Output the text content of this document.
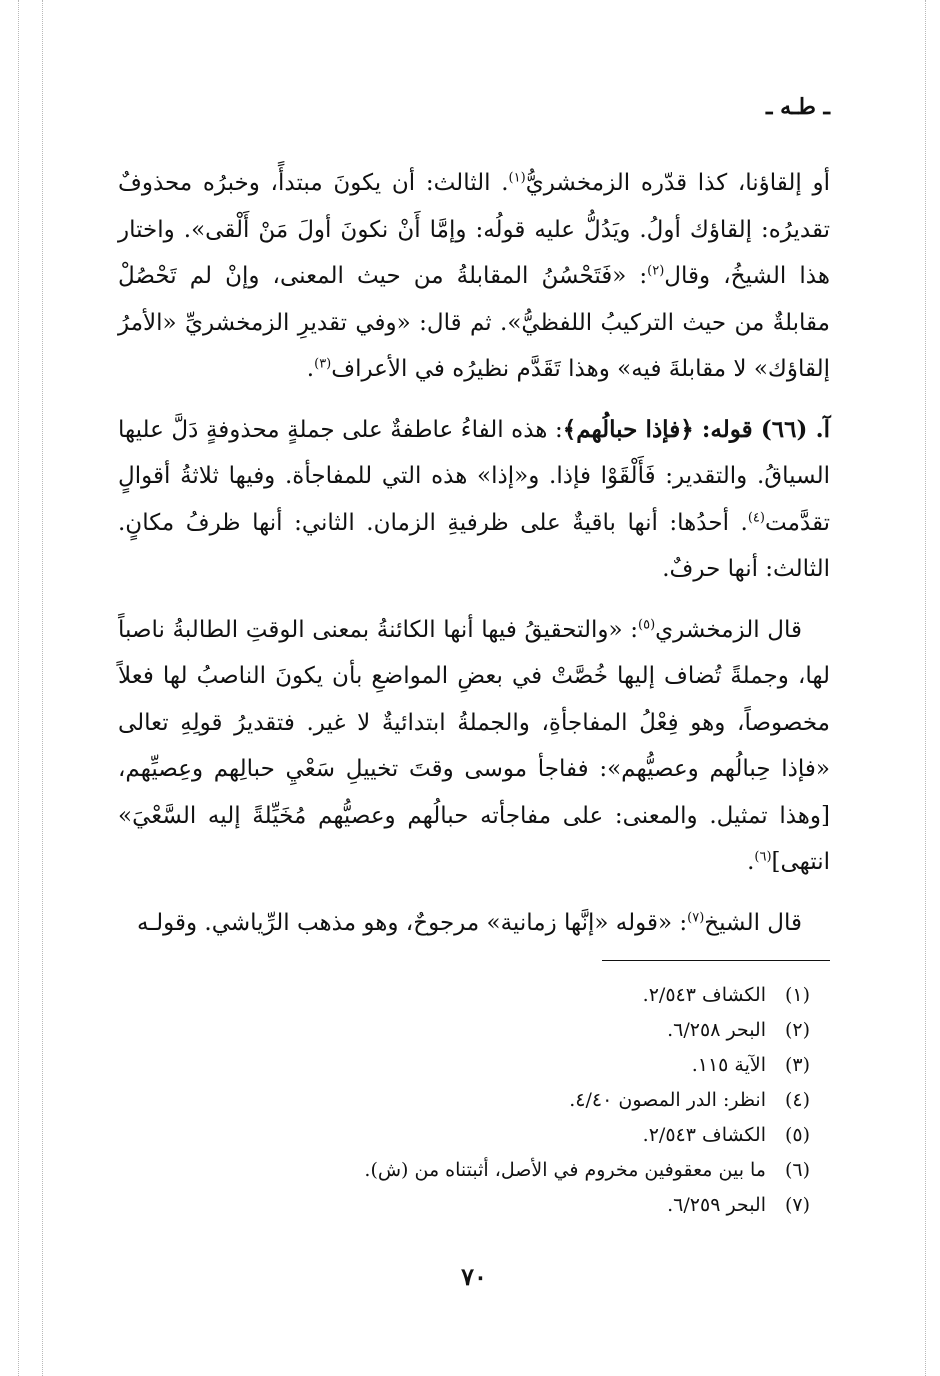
ـ طـه ـ

أو إلقاؤنا، كذا قدّره الزمخشريُّ$^{(١)}$. الثالث: أن يكونَ مبتدأً، وخبرُه محذوفٌ تقديرُه: إلقاؤك أولُ. ويَدُلُّ عليه قولُه: وإمَّا أَنْ نكونَ أولَ مَنْ أَلْقى». واختار هذا الشيخُ، وقال$^{(٢)}$: «فَتَحْسُنُ المقابلةُ من حيث المعنى، وإنْ لم تَحْصُلْ مقابلةٌ من حيث التركيبُ اللفظيُّ». ثم قال: «وفي تقديرِ الزمخشريِّ «الأمرُ إلقاؤك» لا مقابلةَ فيه» وهذا تَقَدَّم نظيرُه في الأعراف$^{(٣)}$.

آ. (٦٦) قوله: ﴿فإذا حبالُهم﴾: هذه الفاءُ عاطفةٌ على جملةٍ محذوفةٍ دَلَّ عليها السياقُ. والتقدير: فَأَلْقَوْا فإذا. و«إذا» هذه التي للمفاجأة. وفيها ثلاثةُ أقوالٍ تقدَّمت$^{(٤)}$. أحدُها: أنها باقيةٌ على ظرفيةِ الزمان. الثاني: أنها ظرفُ مكانٍ. الثالث: أنها حرفٌ.

قال الزمخشري$^{(٥)}$: «والتحقيقُ فيها أنها الكائنةُ بمعنى الوقتِ الطالبةُ ناصباً لها، وجملةً تُضاف إليها خُصَّتْ في بعضِ المواضعِ بأن يكونَ الناصبُ لها فعلاً مخصوصاً، وهو فِعْلُ المفاجأةِ، والجملةُ ابتدائيةٌ لا غير. فتقديرُ قولِهِ تعالى «فإذا حِبالُهم وعصيُّهم»: ففاجأ موسى وقتَ تخييلِ سَعْيِ حبالِهم وعِصيِّهم، [وهذا تمثيل. والمعنى: على مفاجأته حبالُهم وعصيُّهم مُخَيِّلةً إليه السَّعْيَ» انتهى]$^{(٦)}$.

قال الشيخ$^{(٧)}$: «قوله «إنَّها زمانية» مرجوحٌ، وهو مذهب الرِّياشي. وقولـه

(١)الكشاف ٢/٥٤٣.
(٢)البحر ٦/٢٥٨.
(٣)الآية ١١٥.
(٤)انظر: الدر المصون ٤/٤٠.
(٥)الكشاف ٢/٥٤٣.
(٦)ما بين معقوفين مخروم في الأصل، أثبتناه من (ش).
(٧)البحر ٦/٢٥٩.
٧٠
